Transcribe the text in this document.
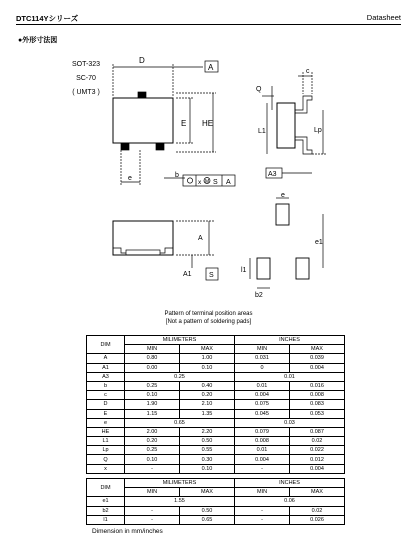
DTC114Yシリーズ	Datasheet
●外形寸法図
SOT-323
SC-70
( UMT3 )
D
A
E HE
e	b
x M S A
c
Q
L1	Lp
A3
A
A1 S
e
e1
l1
b2
Pattern of terminal position areas
[Not a pattern of soldering pads]
DIM	MILIMETERS		INCHES	
	MIN	MAX	MIN	MAX
A	0.80	1.00	0.031	0.039
A1	0.00	0.10	0	0.004
A3	0.25		0.01	
b	0.25	0.40	0.01	0.016
c	0.10	0.20	0.004	0.008
D	1.90	2.10	0.075	0.083
E	1.15	1.35	0.045	0.053
e	0.65		0.03	
HE	2.00	2.20	0.079	0.087
L1	0.20	0.50	0.008	0.02
Lp	0.25	0.55	0.01	0.022
Q	0.10	0.30	0.004	0.012
x	-	0.10	-	0.004
DIM	MILIMETERS		INCHES	
	MIN	MAX	MIN	MAX
e1	1.55		0.06	
b2	-	0.50	-	0.02
l1	-	0.65	-	0.026
Dimension in mm/inches
